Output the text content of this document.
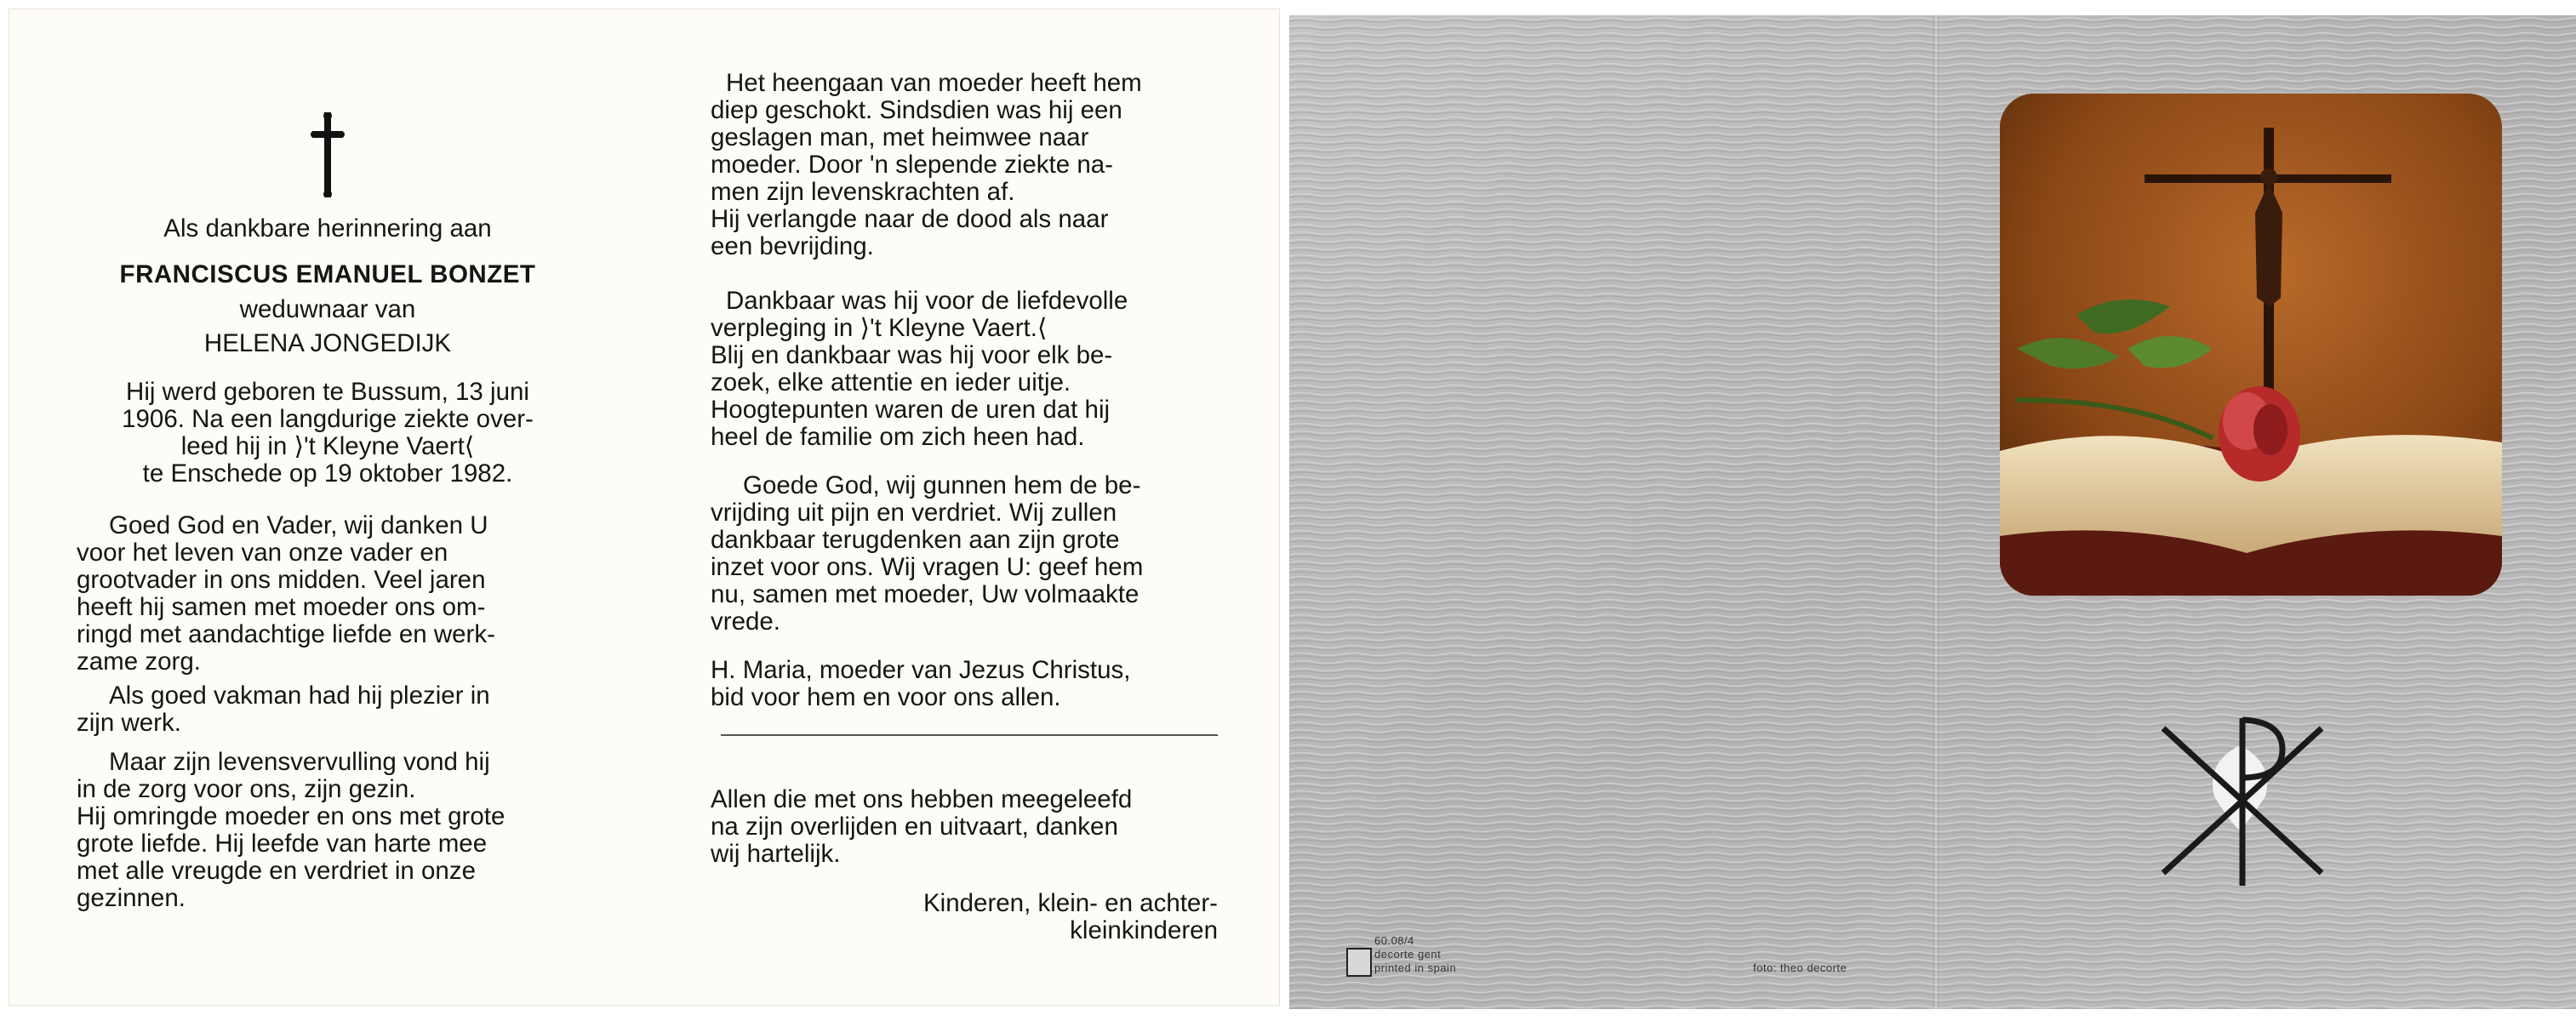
Als dankbare herinnering aan

FRANCISCUS EMANUEL BONZET

weduwnaar van

HELENA JONGEDIJK

Hij werd geboren te Bussum, 13 juni

1906. Na een langdurige ziekte over-

leed hij in ⟩'t Kleyne Vaert⟨

te Enschede op 19 oktober 1982.

Goed God en Vader, wij danken U

voor het leven van onze vader en

grootvader in ons midden. Veel jaren

heeft hij samen met moeder ons om-

ringd met aandachtige liefde en werk-

zame zorg.

Als goed vakman had hij plezier in

zijn werk.

Maar zijn levensvervulling vond hij

in de zorg voor ons, zijn gezin.

Hij omringde moeder en ons met grote

grote liefde. Hij leefde van harte mee

met alle vreugde en verdriet in onze

gezinnen.

Het heengaan van moeder heeft hem

diep geschokt. Sindsdien was hij een

geslagen man, met heimwee naar

moeder. Door 'n slepende ziekte na-

men zijn levenskrachten af.

Hij verlangde naar de dood als naar

een bevrijding.

Dankbaar was hij voor de liefdevolle

verpleging in ⟩'t Kleyne Vaert.⟨

Blij en dankbaar was hij voor elk be-

zoek, elke attentie en ieder uitje.

Hoogtepunten waren de uren dat hij

heel de familie om zich heen had.

Goede God, wij gunnen hem de be-

vrijding uit pijn en verdriet. Wij zullen

dankbaar terugdenken aan zijn grote

inzet voor ons. Wij vragen U: geef hem

nu, samen met moeder, Uw volmaakte

vrede.

H. Maria, moeder van Jezus Christus,

bid voor hem en voor ons allen.

Allen die met ons hebben meegeleefd

na zijn overlijden en uitvaart, danken

wij hartelijk.

Kinderen, klein- en achter-

kleinkinderen	60.08/4
decorte gent
printed in spain	foto: theo decorte
